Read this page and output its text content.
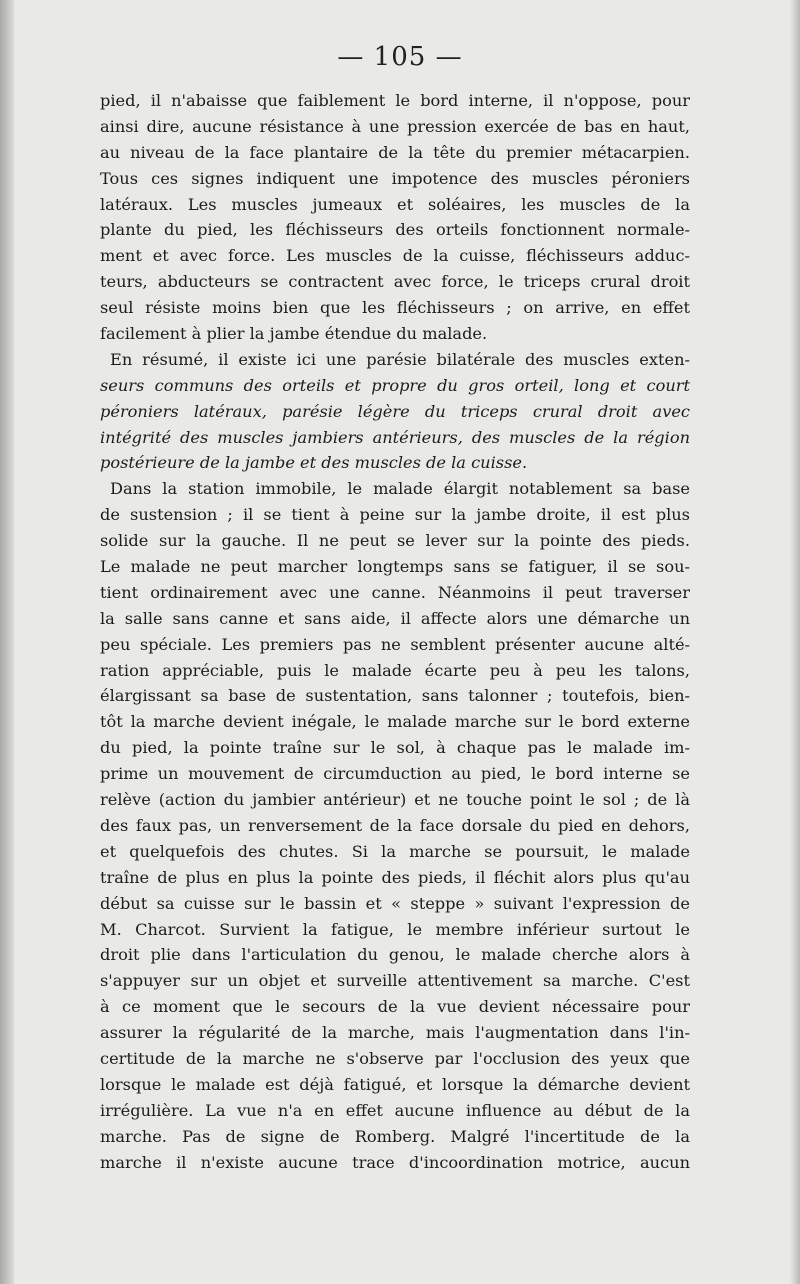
— 105 —
pied, il n'abaisse que faiblement le bord interne, il n'oppose, pour
ainsi dire, aucune résistance à une pression exercée de bas en haut,
au niveau de la face plantaire de la tête du premier métacarpien.
Tous ces signes indiquent une impotence des muscles péroniers
latéraux. Les muscles jumeaux et soléaires, les muscles de la
plante du pied, les fléchisseurs des orteils fonctionnent normale-
ment et avec force. Les muscles de la cuisse, fléchisseurs adduc-
teurs, abducteurs se contractent avec force, le triceps crural droit
seul résiste moins bien que les fléchisseurs ; on arrive, en effet
facilement à plier la jambe étendue du malade.
En résumé, il existe ici une parésie bilatérale des muscles exten-
seurs communs des orteils et propre du gros orteil, long et court
péroniers latéraux, parésie légère du triceps crural droit avec
intégrité des muscles jambiers antérieurs, des muscles de la région
postérieure de la jambe et des muscles de la cuisse.
Dans la station immobile, le malade élargit notablement sa base
de sustension ; il se tient à peine sur la jambe droite, il est plus
solide sur la gauche. Il ne peut se lever sur la pointe des pieds.
Le malade ne peut marcher longtemps sans se fatiguer, il se sou-
tient ordinairement avec une canne. Néanmoins il peut traverser
la salle sans canne et sans aide, il affecte alors une démarche un
peu spéciale. Les premiers pas ne semblent présenter aucune alté-
ration appréciable, puis le malade écarte peu à peu les talons,
élargissant sa base de sustentation, sans talonner ; toutefois, bien-
tôt la marche devient inégale, le malade marche sur le bord externe
du pied, la pointe traîne sur le sol, à chaque pas le malade im-
prime un mouvement de circumduction au pied, le bord interne se
relève (action du jambier antérieur) et ne touche point le sol ; de là
des faux pas, un renversement de la face dorsale du pied en dehors,
et quelquefois des chutes. Si la marche se poursuit, le malade
traîne de plus en plus la pointe des pieds, il fléchit alors plus qu'au
début sa cuisse sur le bassin et « steppe » suivant l'expression de
M. Charcot. Survient la fatigue, le membre inférieur surtout le
droit plie dans l'articulation du genou, le malade cherche alors à
s'appuyer sur un objet et surveille attentivement sa marche. C'est
à ce moment que le secours de la vue devient nécessaire pour
assurer la régularité de la marche, mais l'augmentation dans l'in-
certitude de la marche ne s'observe par l'occlusion des yeux que
lorsque le malade est déjà fatigué, et lorsque la démarche devient
irrégulière. La vue n'a en effet aucune influence au début de la
marche. Pas de signe de Romberg. Malgré l'incertitude de la
marche il n'existe aucune trace d'incoordination motrice, aucun
